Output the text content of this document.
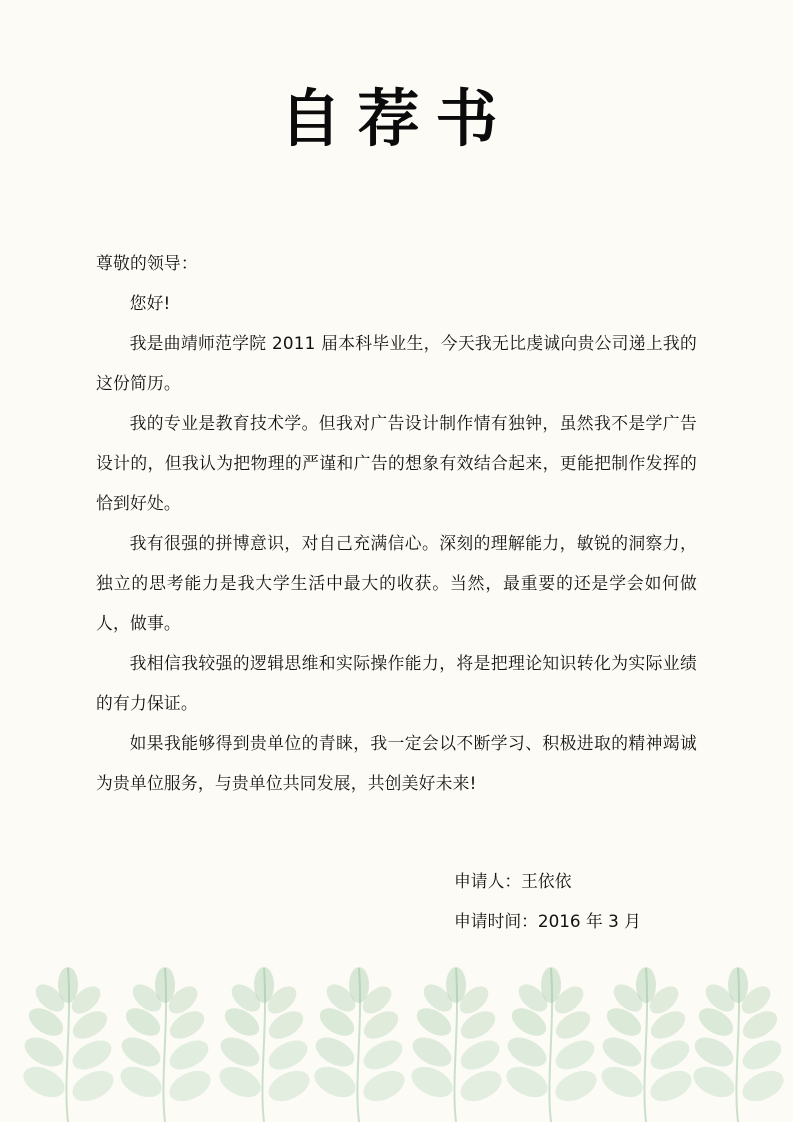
自荐书

尊敬的领导：

您好!

我是曲靖师范学院 2011 届本科毕业生，今天我无比虔诚向贵公司递上我的这份简历。

我的专业是教育技术学。但我对广告设计制作情有独钟，虽然我不是学广告设计的，但我认为把物理的严谨和广告的想象有效结合起来，更能把制作发挥的恰到好处。

我有很强的拼博意识，对自己充满信心。深刻的理解能力，敏锐的洞察力，独立的思考能力是我大学生活中最大的收获。当然，最重要的还是学会如何做人，做事。

我相信我较强的逻辑思维和实际操作能力，将是把理论知识转化为实际业绩的有力保证。

如果我能够得到贵单位的青睐，我一定会以不断学习、积极进取的精神竭诚为贵单位服务，与贵单位共同发展，共创美好未来!

申请人：王依依
申请时间：2016 年 3 月
